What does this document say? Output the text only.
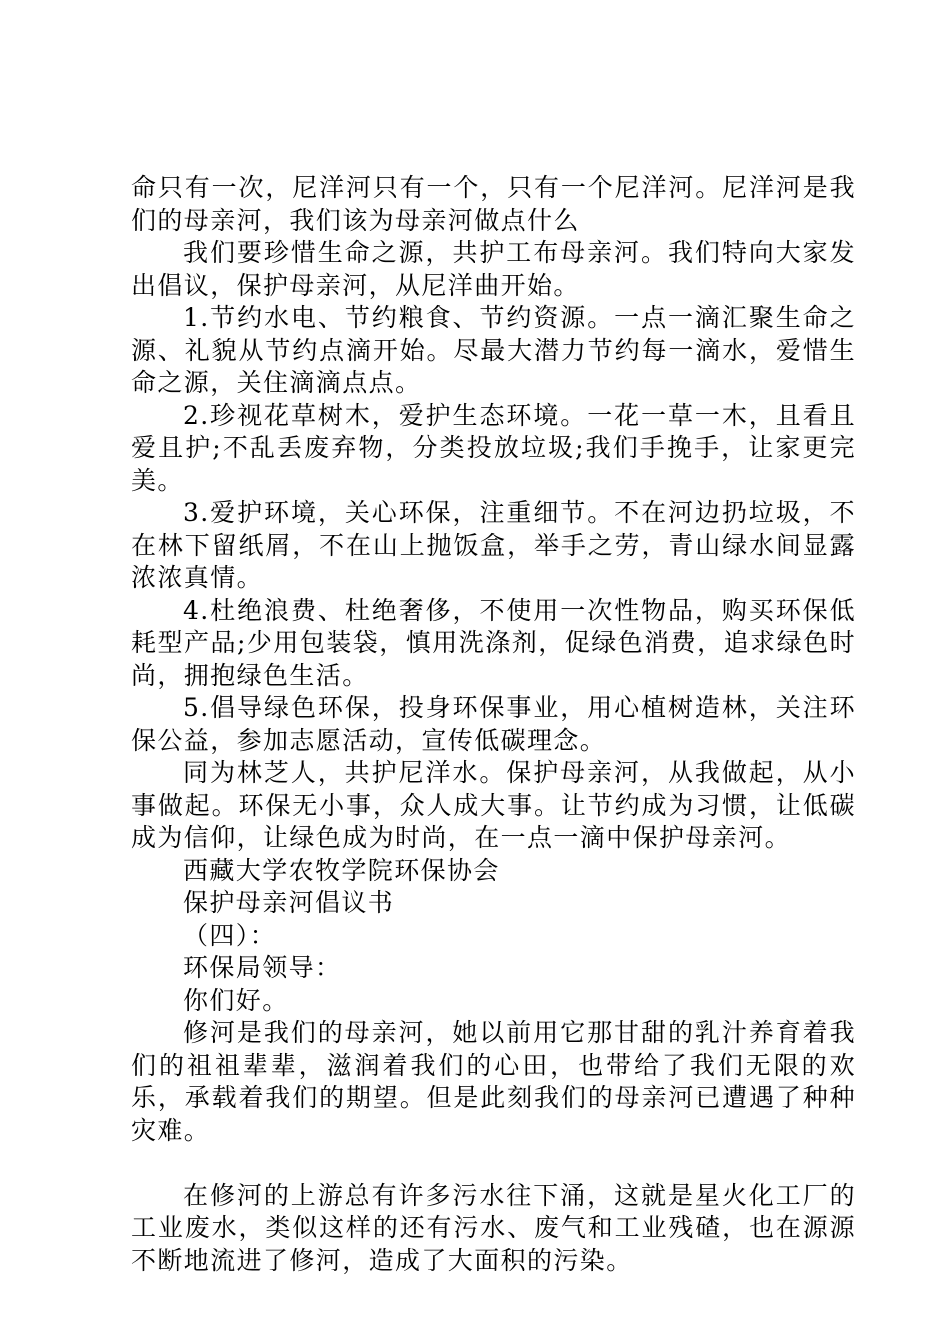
命只有一次，尼洋河只有一个，只有一个尼洋河。尼洋河是我们的母亲河，我们该为母亲河做点什么

我们要珍惜生命之源，共护工布母亲河。我们特向大家发出倡议，保护母亲河，从尼洋曲开始。

1.节约水电、节约粮食、节约资源。一点一滴汇聚生命之源、礼貌从节约点滴开始。尽最大潜力节约每一滴水，爱惜生命之源，关住滴滴点点。

2.珍视花草树木，爱护生态环境。一花一草一木，且看且爱且护;不乱丢废弃物，分类投放垃圾;我们手挽手，让家更完美。

3.爱护环境，关心环保，注重细节。不在河边扔垃圾，不在林下留纸屑，不在山上抛饭盒，举手之劳，青山绿水间显露浓浓真情。

4.杜绝浪费、杜绝奢侈，不使用一次性物品，购买环保低耗型产品;少用包装袋，慎用洗涤剂，促绿色消费，追求绿色时尚，拥抱绿色生活。

5.倡导绿色环保，投身环保事业，用心植树造林，关注环保公益，参加志愿活动，宣传低碳理念。

同为林芝人，共护尼洋水。保护母亲河，从我做起，从小事做起。环保无小事，众人成大事。让节约成为习惯，让低碳成为信仰，让绿色成为时尚，在一点一滴中保护母亲河。

西藏大学农牧学院环保协会

保护母亲河倡议书

（四）：

环保局领导：

你们好。

修河是我们的母亲河，她以前用它那甘甜的乳汁养育着我们的祖祖辈辈，滋润着我们的心田，也带给了我们无限的欢乐，承载着我们的期望。但是此刻我们的母亲河已遭遇了种种灾难。

在修河的上游总有许多污水往下涌，这就是星火化工厂的工业废水，类似这样的还有污水、废气和工业残碴，也在源源不断地流进了修河，造成了大面积的污染。
